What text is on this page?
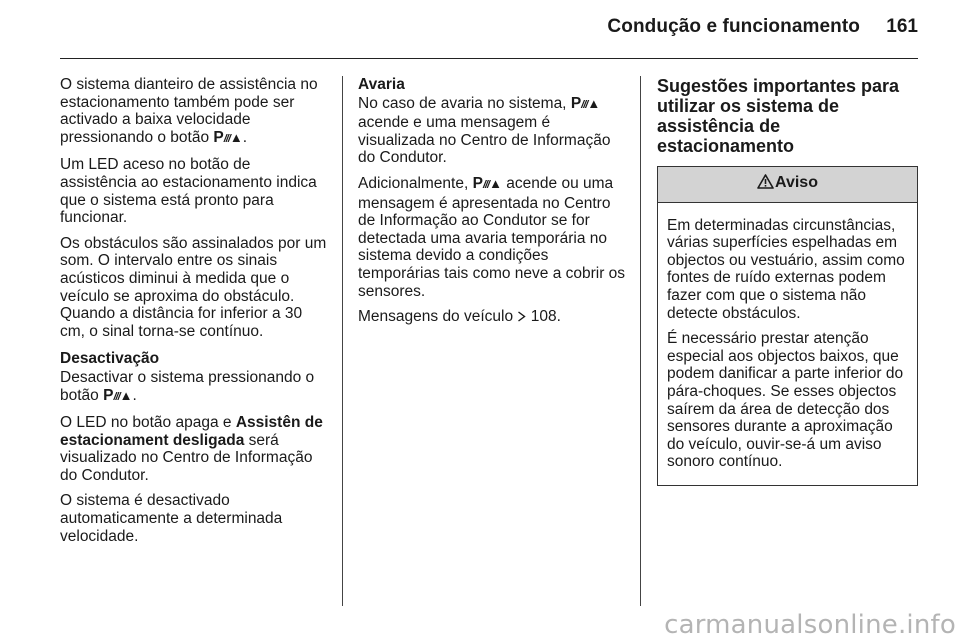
Condução e funcionamento	161

O sistema dianteiro de assistência no estacionamento também pode ser activado a baixa velocidade pressionando o botão P///▲.

Um LED aceso no botão de assistência ao estacionamento indica que o sistema está pronto para funcionar.

Os obstáculos são assinalados por um som. O intervalo entre os sinais acústicos diminui à medida que o veículo se aproxima do obstáculo. Quando a distância for inferior a 30 cm, o sinal torna-se contínuo.

Desactivação

Desactivar o sistema pressionando o botão P///▲.

O LED no botão apaga e Assistên de estacionament desligada será visualizado no Centro de Informação do Condutor.

O sistema é desactivado automaticamente a determinada velocidade.

Avaria

No caso de avaria no sistema, P///▲ acende e uma mensagem é visualizada no Centro de Informação do Condutor.

Adicionalmente, P///▲ acende ou uma mensagem é apresentada no Centro de Informação ao Condutor se for detectada uma avaria temporária no sistema devido a condições temporárias tais como neve a cobrir os sensores.

Mensagens do veículo  108.

Sugestões importantes para utilizar os sistema de assistência de estacionamento
Aviso

Em determinadas circunstâncias, várias superfícies espelhadas em objectos ou vestuário, assim como fontes de ruído externas podem fazer com que o sistema não detecte obstáculos.

É necessário prestar atenção especial aos objectos baixos, que podem danificar a parte inferior do pára-choques. Se esses objectos saírem da área de detecção dos sensores durante a aproximação do veículo, ouvir-se-á um aviso sonoro contínuo.

carmanualsonline.info
